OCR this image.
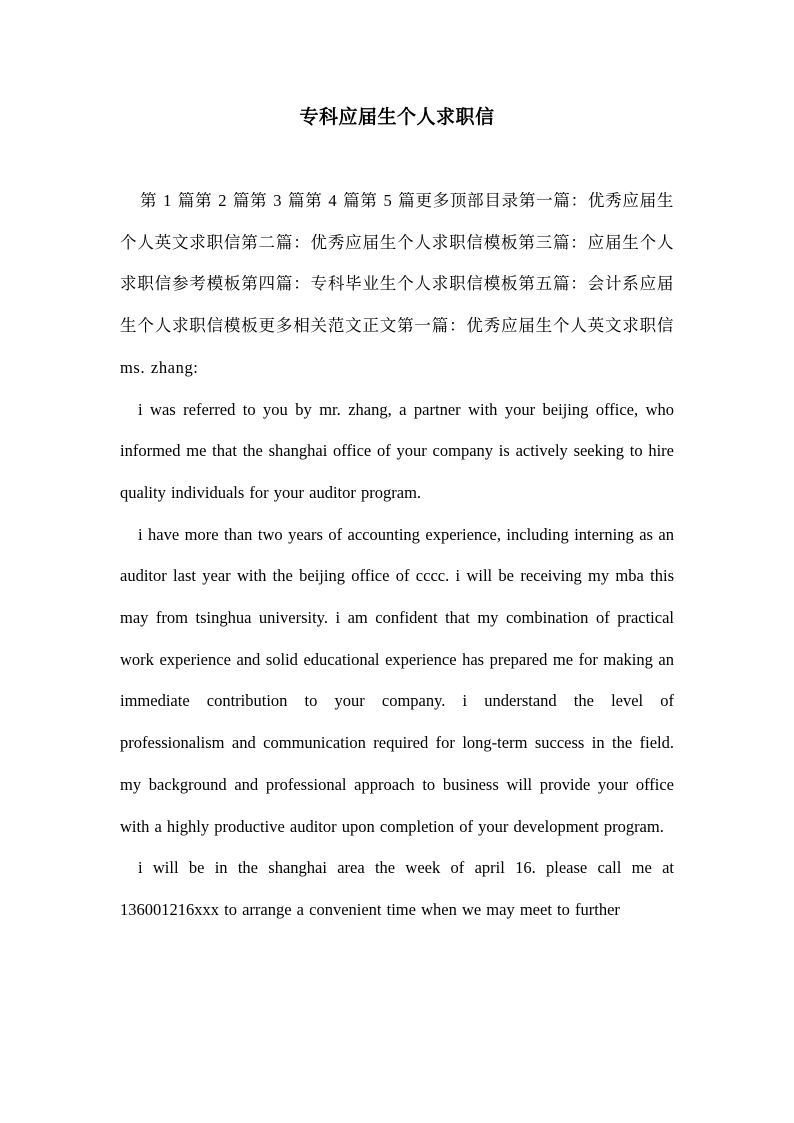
专科应届生个人求职信

第 1 篇第 2 篇第 3 篇第 4 篇第 5 篇更多顶部目录第一篇：优秀应届生个人英文求职信第二篇：优秀应届生个人求职信模板第三篇：应届生个人求职信参考模板第四篇：专科毕业生个人求职信模板第五篇：会计系应届生个人求职信模板更多相关范文正文第一篇：优秀应届生个人英文求职信 ms. zhang:

i was referred to you by mr. zhang, a partner with your beijing office, who informed me that the shanghai office of your company is actively seeking to hire quality individuals for your auditor program.

i have more than two years of accounting experience, including interning as an auditor last year with the beijing office of cccc. i will be receiving my mba this may from tsinghua university. i am confident that my combination of practical work experience and solid educational experience has prepared me for making an immediate contribution to your company. i understand the level of professionalism and communication required for long-term success in the field. my background and professional approach to business will provide your office with a highly productive auditor upon completion of your development program.

i will be in the shanghai area the week of april 16. please call me at 136001216xxx to arrange a convenient time when we may meet to further
